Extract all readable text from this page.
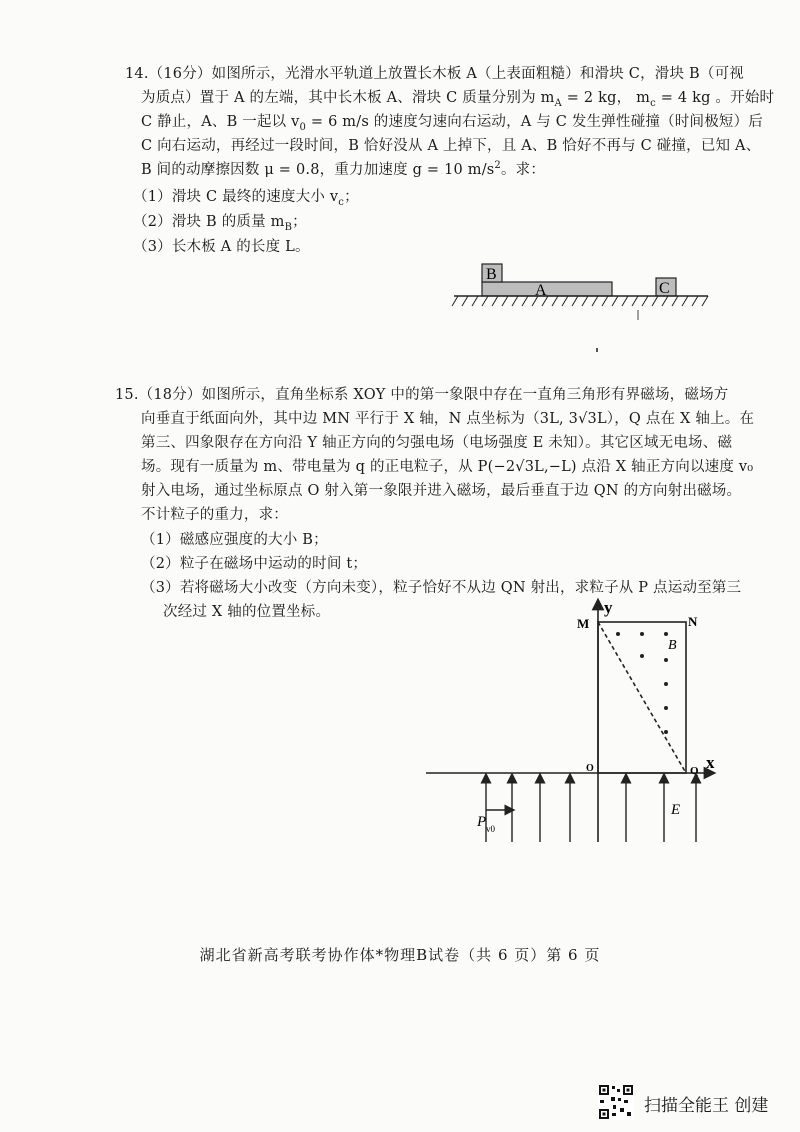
14.（16分）如图所示，光滑水平轨道上放置长木板 A（上表面粗糙）和滑块 C，滑块 B（可视
为质点）置于 A 的左端，其中长木板 A、滑块 C 质量分别为 $m_A = 2$ kg， $m_c = 4$ kg 。开始时
C 静止，A、B 一起以 $v_0 = 6$ m/s 的速度匀速向右运动，A 与 C 发生弹性碰撞（时间极短）后
C 向右运动，再经过一段时间，B 恰好没从 A 上掉下，且 A、B 恰好不再与 C 碰撞，已知 A、
B 间的动摩擦因数 μ = 0.8，重力加速度 g = 10 $m/s^2$。求：
（1）滑块 C 最终的速度大小 $v_c$；
（2）滑块 B 的质量 $m_B$；
（3）长木板 A 的长度 L。
B
A	C
15.（18分）如图所示，直角坐标系 XOY 中的第一象限中存在一直角三角形有界磁场，磁场方
向垂直于纸面向外，其中边 MN 平行于 X 轴，N 点坐标为（3L, 3√3L），Q 点在 X 轴上。在
第三、四象限存在方向沿 Y 轴正方向的匀强电场（电场强度 E 未知）。其它区域无电场、磁
场。现有一质量为 m、带电量为 q 的正电粒子，从 P(−2√3L,−L) 点沿 X 轴正方向以速度 v₀
射入电场，通过坐标原点 O 射入第一象限并进入磁场，最后垂直于边 QN 的方向射出磁场。
不计粒子的重力，求：
（1）磁感应强度的大小 B；
（2）粒子在磁场中运动的时间 t；
（3）若将磁场大小改变（方向未变），粒子恰好不从边 QN 射出，求粒子从 P 点运动至第三
次经过 X 轴的位置坐标。	y
x
M	N
O	Q
B
E
P v0
湖北省新高考联考协作体*物理B试卷（共 6 页）第 6 页
扫描全能王 创建
